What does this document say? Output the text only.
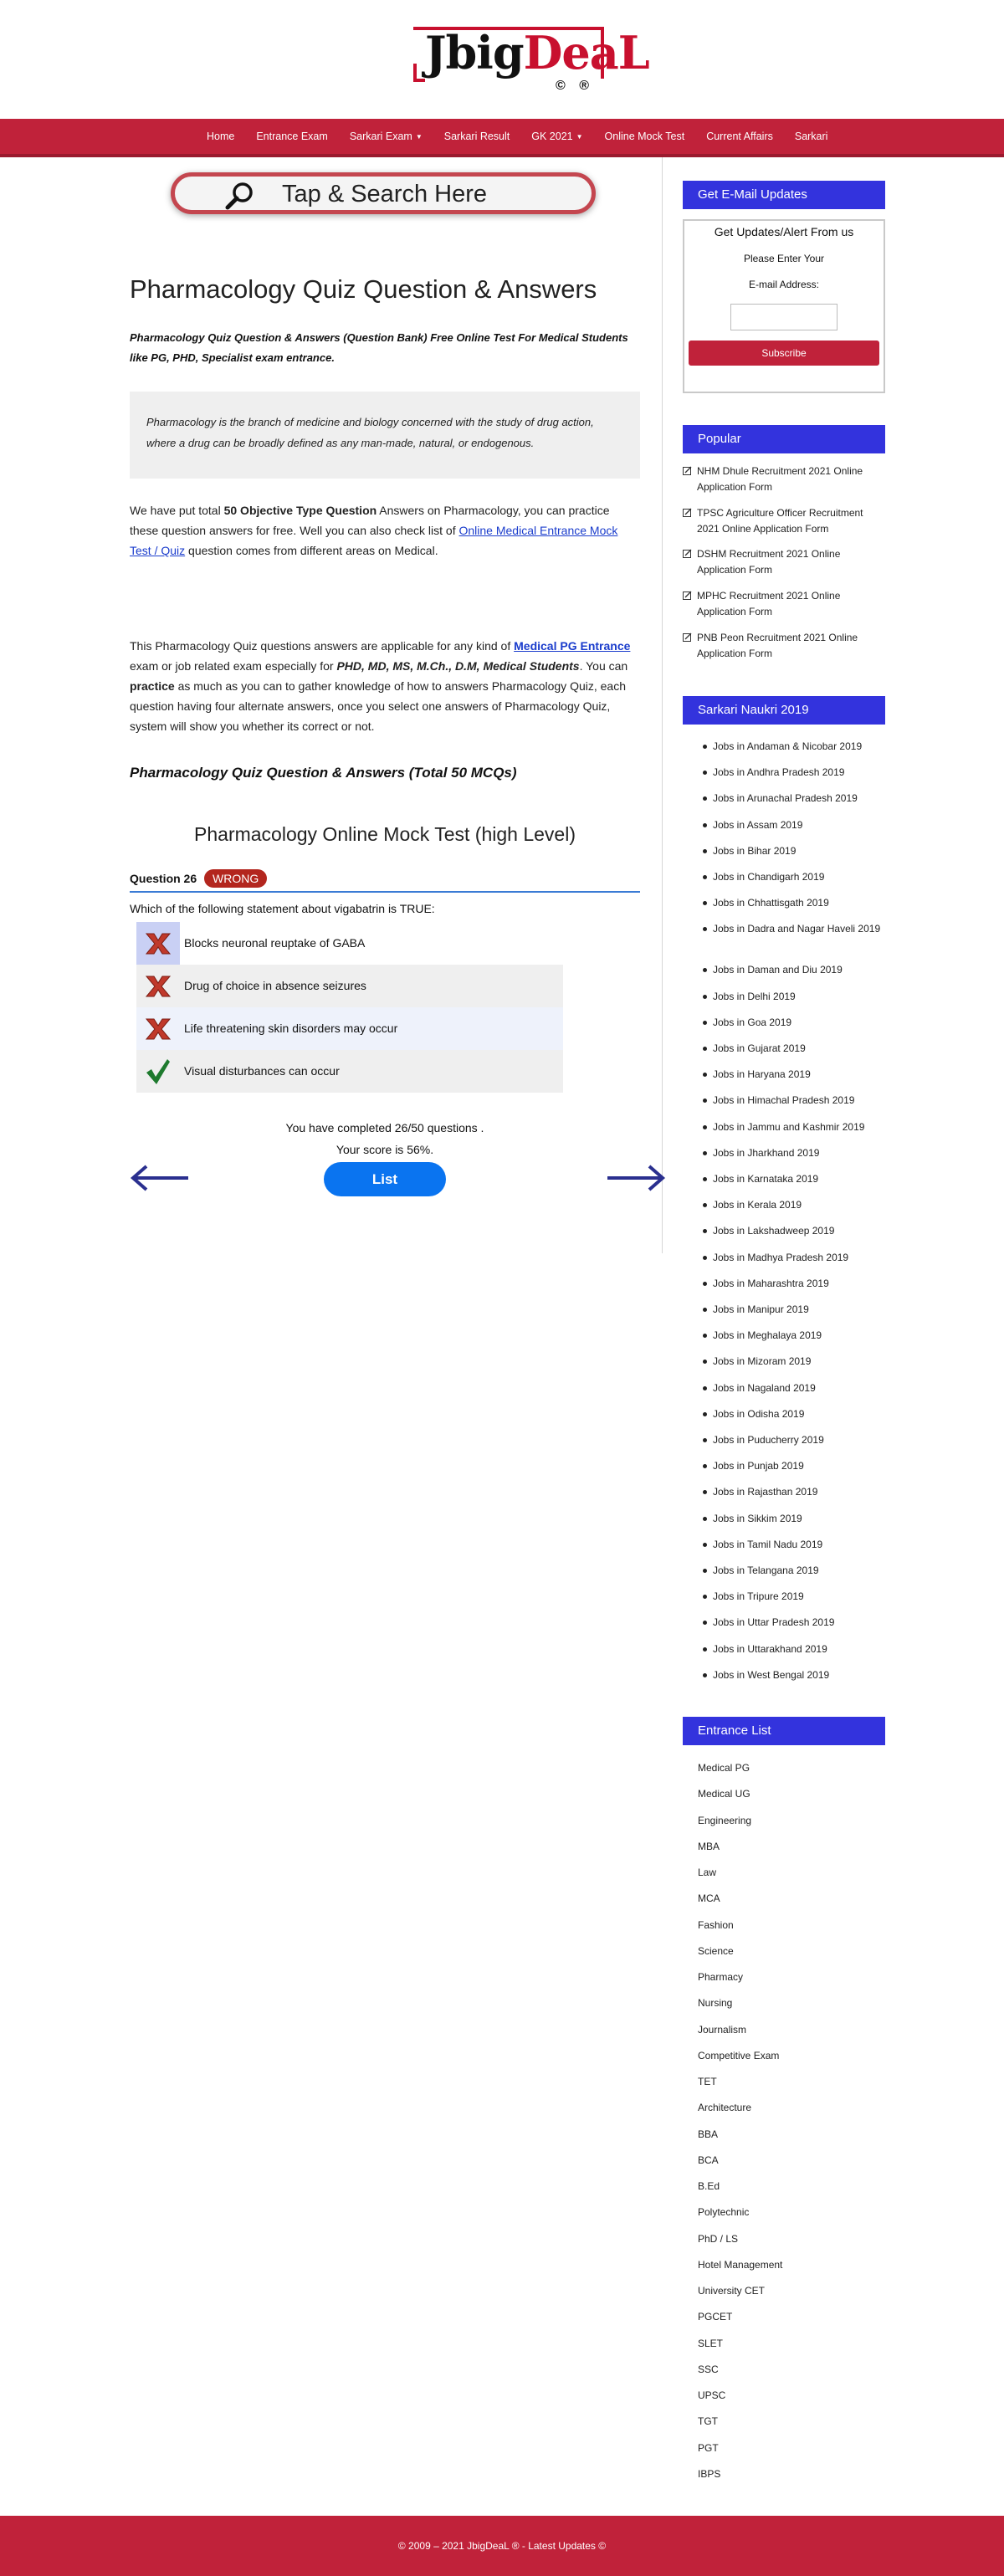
JbigDeaL
© ®
Home Entrance Exam Sarkari Exam ▼ Sarkari Result GK 2021 ▼ Online Mock Test Current Affairs Sarkari
Tap & Search Here
Pharmacology Quiz Question & Answers

Pharmacology Quiz Question & Answers (Question Bank) Free Online Test For Medical Students like PG, PHD, Specialist exam entrance.

Pharmacology is the branch of medicine and biology concerned with the study of drug action, where a drug can be broadly defined as any man-made, natural, or endogenous.

We have put total 50 Objective Type Question Answers on Pharmacology, you can practice these question answers for free. Well you can also check list of Online Medical Entrance Mock Test / Quiz question comes from different areas on Medical.

This Pharmacology Quiz questions answers are applicable for any kind of Medical PG Entrance exam or job related exam especially for PHD, MD, MS, M.Ch., D.M, Medical Students. You can practice as much as you can to gather knowledge of how to answers Pharmacology Quiz, each question having four alternate answers, once you select one answers of Pharmacology Quiz, system will show you whether its correct or not.

Pharmacology Quiz Question & Answers (Total 50 MCQs)
Pharmacology Online Mock Test (high Level)
Question 26	WRONG
Which of the following statement about vigabatrin is TRUE:
Blocks neuronal reuptake of GABA
Drug of choice in absence seizures
Life threatening skin disorders may occur
Visual disturbances can occur
You have completed 26/50 questions .
Your score is 56%.
List
Get E-Mail Updates
Get Updates/Alert From us
Please Enter Your
E-mail Address:
Subscribe
Popular
NHM Dhule Recruitment 2021 Online Application Form
TPSC Agriculture Officer Recruitment 2021 Online Application Form
DSHM Recruitment 2021 Online Application Form
MPHC Recruitment 2021 Online Application Form
PNB Peon Recruitment 2021 Online Application Form
Sarkari Naukri 2019
Jobs in Andaman & Nicobar 2019
Jobs in Andhra Pradesh 2019
Jobs in Arunachal Pradesh 2019
Jobs in Assam 2019
Jobs in Bihar 2019
Jobs in Chandigarh 2019
Jobs in Chhattisgath 2019
Jobs in Dadra and Nagar Haveli 2019
Jobs in Daman and Diu 2019
Jobs in Delhi 2019
Jobs in Goa 2019
Jobs in Gujarat 2019
Jobs in Haryana 2019
Jobs in Himachal Pradesh 2019
Jobs in Jammu and Kashmir 2019
Jobs in Jharkhand 2019
Jobs in Karnataka 2019
Jobs in Kerala 2019
Jobs in Lakshadweep 2019
Jobs in Madhya Pradesh 2019
Jobs in Maharashtra 2019
Jobs in Manipur 2019
Jobs in Meghalaya 2019
Jobs in Mizoram 2019
Jobs in Nagaland 2019
Jobs in Odisha 2019
Jobs in Puducherry 2019
Jobs in Punjab 2019
Jobs in Rajasthan 2019
Jobs in Sikkim 2019
Jobs in Tamil Nadu 2019
Jobs in Telangana 2019
Jobs in Tripure 2019
Jobs in Uttar Pradesh 2019
Jobs in Uttarakhand 2019
Jobs in West Bengal 2019
Entrance List
Medical PG
Medical UG
Engineering
MBA
Law
MCA
Fashion
Science
Pharmacy
Nursing
Journalism
Competitive Exam
TET
Architecture
BBA
BCA
B.Ed
Polytechnic
PhD / LS
Hotel Management
University CET
PGCET
SLET
SSC
UPSC
TGT
PGT
IBPS
© 2009 – 2021 JbigDeaL ® - Latest Updates ©
